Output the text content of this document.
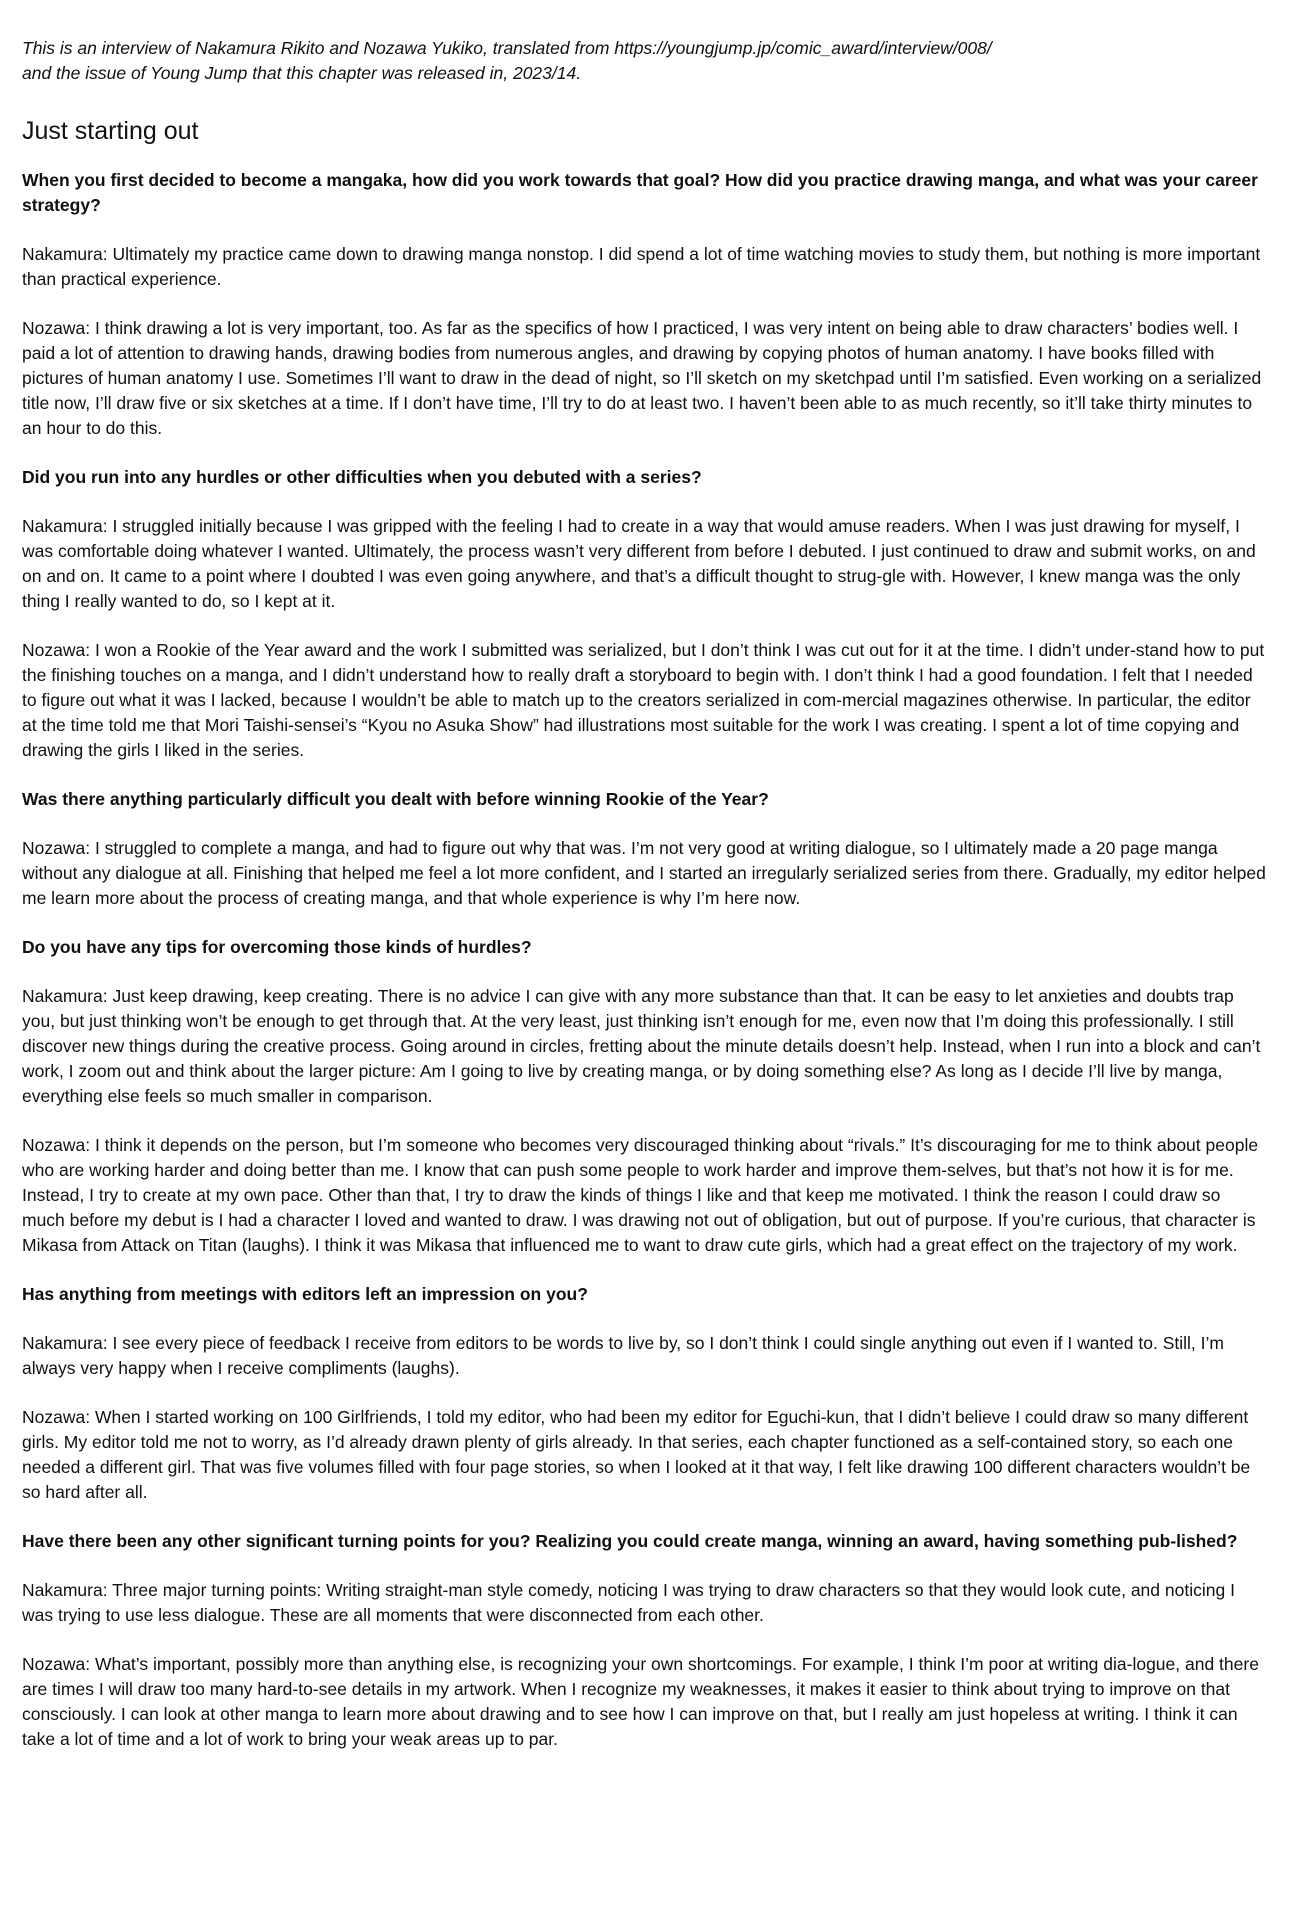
This is an interview of Nakamura Rikito and Nozawa Yukiko, translated from https://youngjump.jp/comic_award/interview/008/

and the issue of Young Jump that this chapter was released in, 2023/14.

Just starting out

When you first decided to become a mangaka, how did you work towards that goal? How did you practice drawing manga, and what was your career strategy?

Nakamura: Ultimately my practice came down to drawing manga nonstop. I did spend a lot of time watching movies to study them, but nothing is more important than practical experience.

Nozawa: I think drawing a lot is very important, too. As far as the specifics of how I practiced, I was very intent on being able to draw characters’ bodies well. I paid a lot of attention to drawing hands, drawing bodies from numerous angles, and drawing by copying photos of human anatomy. I have books filled with pictures of human anatomy I use. Sometimes I’ll want to draw in the dead of night, so I’ll sketch on my sketchpad until I’m satisfied. Even working on a serialized title now, I’ll draw five or six sketches at a time. If I don’t have time, I’ll try to do at least two. I haven’t been able to as much recently, so it’ll take thirty minutes to an hour to do this.

Did you run into any hurdles or other difficulties when you debuted with a series?

Nakamura: I struggled initially because I was gripped with the feeling I had to create in a way that would amuse readers. When I was just drawing for myself, I was comfortable doing whatever I wanted. Ultimately, the process wasn’t very different from before I debuted. I just continued to draw and submit works, on and on and on. It came to a point where I doubted I was even going anywhere, and that’s a difficult thought to strug-gle with. However, I knew manga was the only thing I really wanted to do, so I kept at it.

Nozawa: I won a Rookie of the Year award and the work I submitted was serialized, but I don’t think I was cut out for it at the time. I didn’t under-stand how to put the finishing touches on a manga, and I didn’t understand how to really draft a storyboard to begin with. I don’t think I had a good foundation. I felt that I needed to figure out what it was I lacked, because I wouldn’t be able to match up to the creators serialized in com-mercial magazines otherwise. In particular, the editor at the time told me that Mori Taishi-sensei’s “Kyou no Asuka Show” had illustrations most suitable for the work I was creating. I spent a lot of time copying and drawing the girls I liked in the series.

Was there anything particularly difficult you dealt with before winning Rookie of the Year?

Nozawa: I struggled to complete a manga, and had to figure out why that was. I’m not very good at writing dialogue, so I ultimately made a 20 page manga without any dialogue at all. Finishing that helped me feel a lot more confident, and I started an irregularly serialized series from there. Gradually, my editor helped me learn more about the process of creating manga, and that whole experience is why I’m here now.

Do you have any tips for overcoming those kinds of hurdles?

Nakamura: Just keep drawing, keep creating. There is no advice I can give with any more substance than that. It can be easy to let anxieties and doubts trap you, but just thinking won’t be enough to get through that. At the very least, just thinking isn’t enough for me, even now that I’m doing this professionally. I still discover new things during the creative process. Going around in circles, fretting about the minute details doesn’t help. Instead, when I run into a block and can’t work, I zoom out and think about the larger picture: Am I going to live by creating manga, or by doing something else? As long as I decide I’ll live by manga, everything else feels so much smaller in comparison.

Nozawa: I think it depends on the person, but I’m someone who becomes very discouraged thinking about “rivals.” It’s discouraging for me to think about people who are working harder and doing better than me. I know that can push some people to work harder and improve them-selves, but that’s not how it is for me. Instead, I try to create at my own pace. Other than that, I try to draw the kinds of things I like and that keep me motivated. I think the reason I could draw so much before my debut is I had a character I loved and wanted to draw. I was drawing not out of obligation, but out of purpose. If you’re curious, that character is Mikasa from Attack on Titan (laughs). I think it was Mikasa that influenced me to want to draw cute girls, which had a great effect on the trajectory of my work.

Has anything from meetings with editors left an impression on you?

Nakamura: I see every piece of feedback I receive from editors to be words to live by, so I don’t think I could single anything out even if I wanted to. Still, I’m always very happy when I receive compliments (laughs).

Nozawa: When I started working on 100 Girlfriends, I told my editor, who had been my editor for Eguchi-kun, that I didn’t believe I could draw so many different girls. My editor told me not to worry, as I’d already drawn plenty of girls already. In that series, each chapter functioned as a self-contained story, so each one needed a different girl. That was five volumes filled with four page stories, so when I looked at it that way, I felt like drawing 100 different characters wouldn’t be so hard after all.

Have there been any other significant turning points for you? Realizing you could create manga, winning an award, having something pub-lished?

Nakamura: Three major turning points: Writing straight-man style comedy, noticing I was trying to draw characters so that they would look cute, and noticing I was trying to use less dialogue. These are all moments that were disconnected from each other.

Nozawa: What’s important, possibly more than anything else, is recognizing your own shortcomings. For example, I think I’m poor at writing dia-logue, and there are times I will draw too many hard-to-see details in my artwork. When I recognize my weaknesses, it makes it easier to think about trying to improve on that consciously. I can look at other manga to learn more about drawing and to see how I can improve on that, but I really am just hopeless at writing. I think it can take a lot of time and a lot of work to bring your weak areas up to par.
